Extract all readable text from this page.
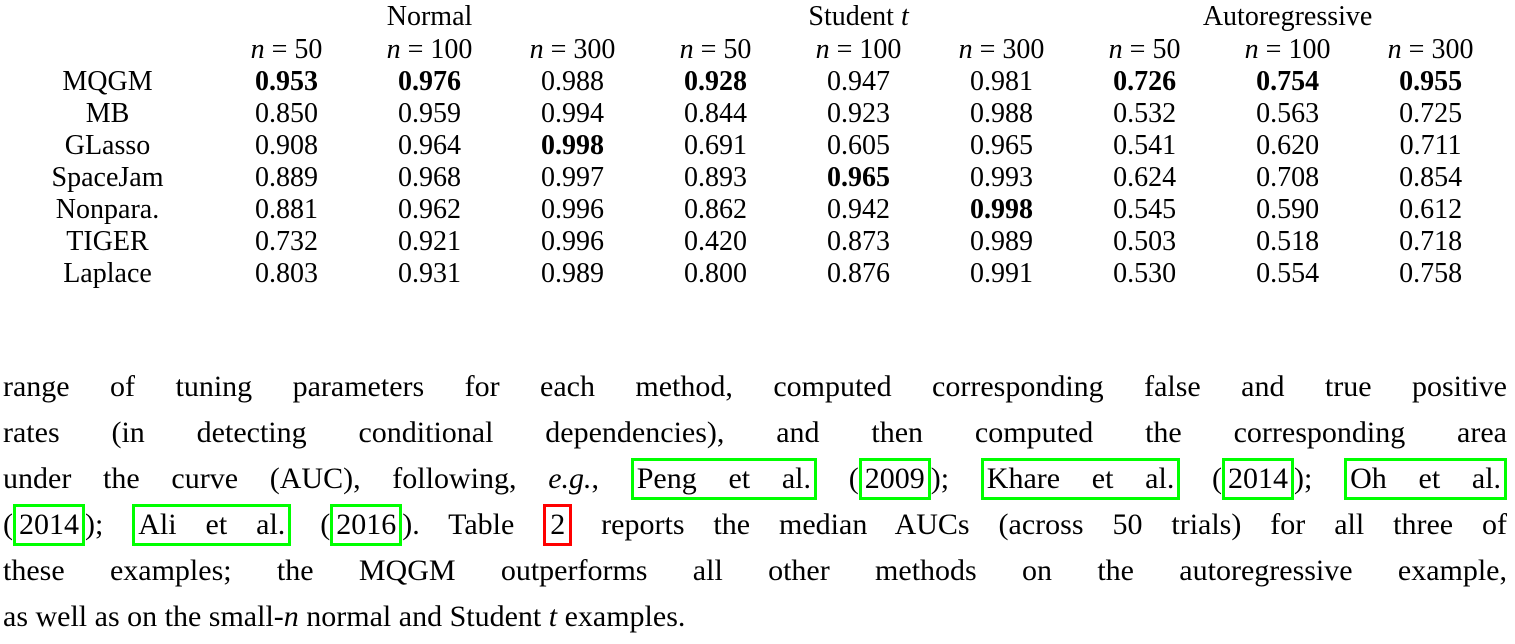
	Normal			Student t			Autoregressive		
	n = 50	n = 100	n = 300	n = 50	n = 100	n = 300	n = 50	n = 100	n = 300
MQGM	0.953	0.976	0.988	0.928	0.947	0.981	0.726	0.754	0.955
MB	0.850	0.959	0.994	0.844	0.923	0.988	0.532	0.563	0.725
GLasso	0.908	0.964	0.998	0.691	0.605	0.965	0.541	0.620	0.711
SpaceJam	0.889	0.968	0.997	0.893	0.965	0.993	0.624	0.708	0.854
Nonpara.	0.881	0.962	0.996	0.862	0.942	0.998	0.545	0.590	0.612
TIGER	0.732	0.921	0.996	0.420	0.873	0.989	0.503	0.518	0.718
Laplace	0.803	0.931	0.989	0.800	0.876	0.991	0.530	0.554	0.758
range of tuning parameters for each method, computed corresponding false and true positive
rates (in detecting conditional dependencies), and then computed the corresponding area
under the curve (AUC), following, e.g., Peng et al. ( 2009 ); Khare et al. ( 2014 ); Oh et al.
( 2014 ); Ali et al. ( 2016 ). Table 2 reports the median AUCs (across 50 trials) for all three of
these examples; the MQGM outperforms all other methods on the autoregressive example,
as well as on the small-n normal and Student t examples.
